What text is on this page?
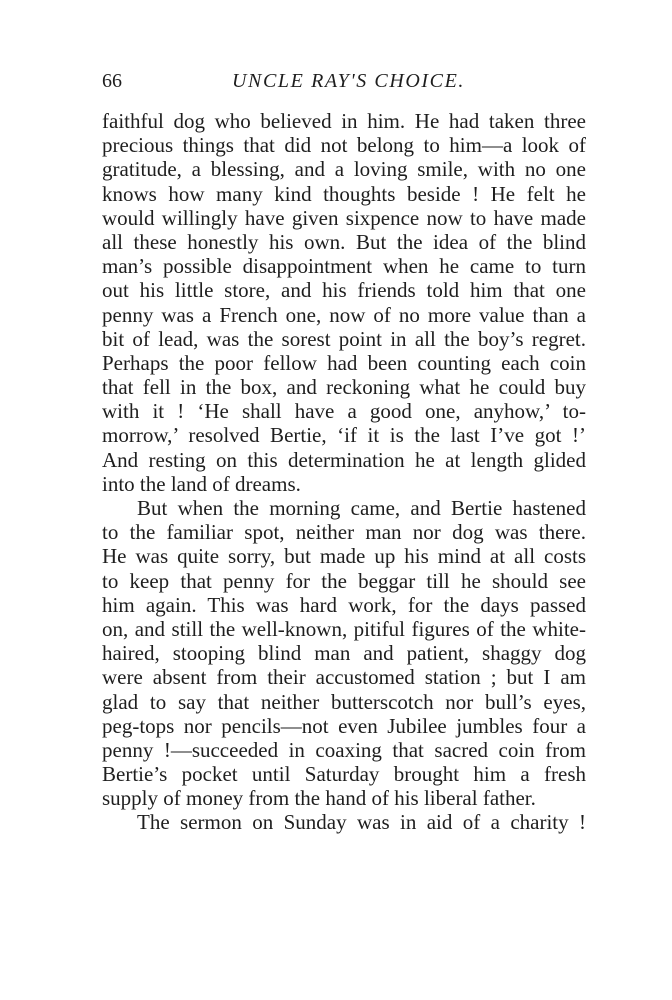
66	UNCLE RAY'S CHOICE.
faithful dog who believed in him. He had taken three
precious things that did not belong to him—a look of
gratitude, a blessing, and a loving smile, with no one
knows how many kind thoughts beside ! He felt he
would willingly have given sixpence now to have made
all these honestly his own. But the idea of the blind
man’s possible disappointment when he came to turn
out his little store, and his friends told him that one
penny was a French one, now of no more value than a
bit of lead, was the sorest point in all the boy’s regret.
Perhaps the poor fellow had been counting each coin
that fell in the box, and reckoning what he could buy
with it ! ‘He shall have a good one, anyhow,’ to-
morrow,’ resolved Bertie, ‘if it is the last I’ve got !’
And resting on this determination he at length glided
into the land of dreams.
But when the morning came, and Bertie hastened
to the familiar spot, neither man nor dog was there.
He was quite sorry, but made up his mind at all costs
to keep that penny for the beggar till he should see
him again. This was hard work, for the days passed
on, and still the well-known, pitiful figures of the white-
haired, stooping blind man and patient, shaggy dog
were absent from their accustomed station ; but I am
glad to say that neither butterscotch nor bull’s eyes,
peg-tops nor pencils—not even Jubilee jumbles four a
penny !—succeeded in coaxing that sacred coin from
Bertie’s pocket until Saturday brought him a fresh
supply of money from the hand of his liberal father.
The sermon on Sunday was in aid of a charity !
